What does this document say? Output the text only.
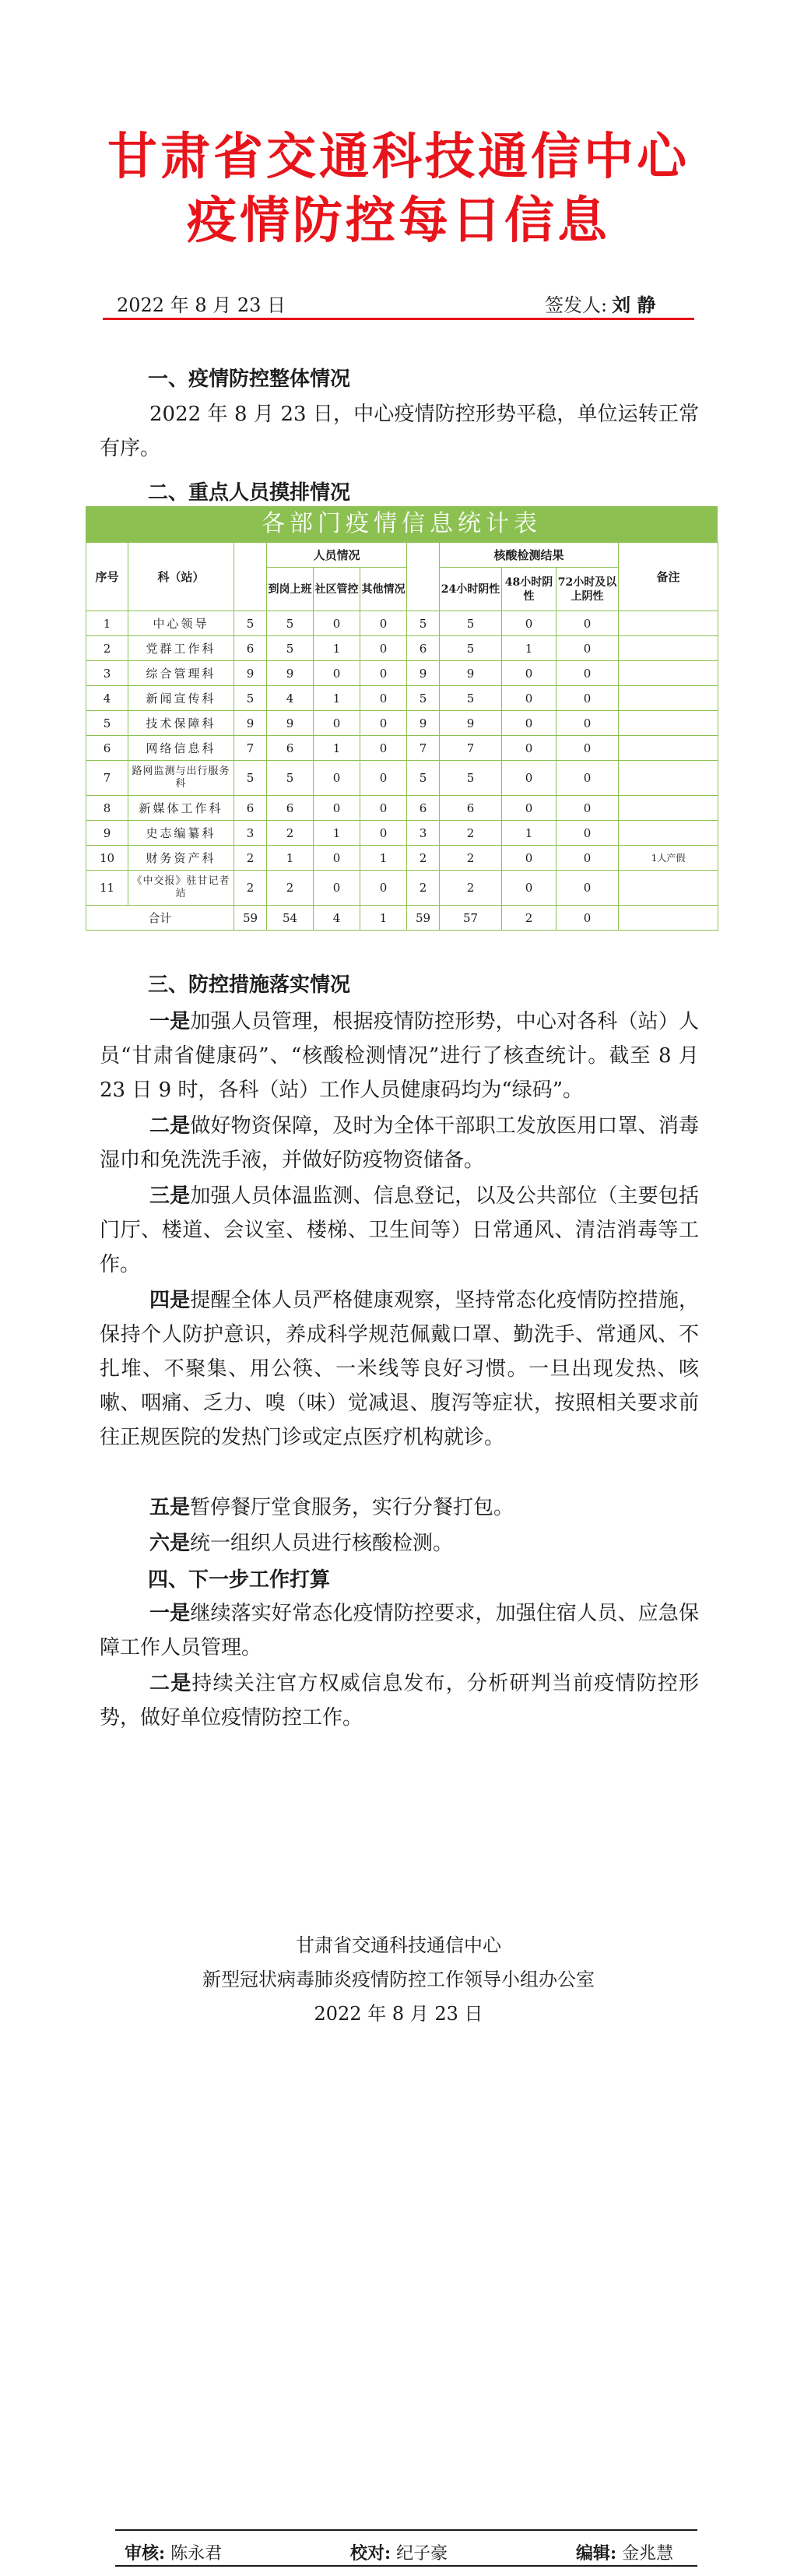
甘肃省交通科技通信中心
疫情防控每日信息
2022 年 8 月 23 日	签发人: 刘 静
一、疫情防控整体情况
2022 年 8 月 23 日，中心疫情防控形势平稳，单位运转正常有序。
二、重点人员摸排情况
各部门疫情信息统计表
序号	科（站）		人员情况				核酸检测结果			备注
			到岗上班	社区管控	其他情况		24小时阴性	48小时阴性	72小时及以上阴性	
1	中心领导	5	5	0	0	5	5	0	0	
2	党群工作科	6	5	1	0	6	5	1	0	
3	综合管理科	9	9	0	0	9	9	0	0	
4	新闻宣传科	5	4	1	0	5	5	0	0	
5	技术保障科	9	9	0	0	9	9	0	0	
6	网络信息科	7	6	1	0	7	7	0	0	
7	路网监测与出行服务科	5	5	0	0	5	5	0	0	
8	新媒体工作科	6	6	0	0	6	6	0	0	
9	史志编纂科	3	2	1	0	3	2	1	0	
10	财务资产科	2	1	0	1	2	2	0	0	1人产假
11	《中交报》驻甘记者站	2	2	0	0	2	2	0	0	
合计		59	54	4	1	59	57	2	0	
三、防控措施落实情况
一是加强人员管理，根据疫情防控形势，中心对各科（站）人员“甘肃省健康码”、“核酸检测情况”进行了核查统计。截至 8 月 23 日 9 时，各科（站）工作人员健康码均为“绿码”。
二是做好物资保障，及时为全体干部职工发放医用口罩、消毒湿巾和免洗洗手液，并做好防疫物资储备。
三是加强人员体温监测、信息登记，以及公共部位（主要包括门厅、楼道、会议室、楼梯、卫生间等）日常通风、清洁消毒等工作。
四是提醒全体人员严格健康观察，坚持常态化疫情防控措施，保持个人防护意识，养成科学规范佩戴口罩、勤洗手、常通风、不扎堆、不聚集、用公筷、一米线等良好习惯。一旦出现发热、咳嗽、咽痛、乏力、嗅（味）觉减退、腹泻等症状，按照相关要求前往正规医院的发热门诊或定点医疗机构就诊。
五是暂停餐厅堂食服务，实行分餐打包。
六是统一组织人员进行核酸检测。
四、下一步工作打算
一是继续落实好常态化疫情防控要求，加强住宿人员、应急保障工作人员管理。
二是持续关注官方权威信息发布，分析研判当前疫情防控形势，做好单位疫情防控工作。
甘肃省交通科技通信中心
新型冠状病毒肺炎疫情防控工作领导小组办公室
2022 年 8 月 23 日
审核: 陈永君	校对: 纪子豪	编辑: 金兆慧
